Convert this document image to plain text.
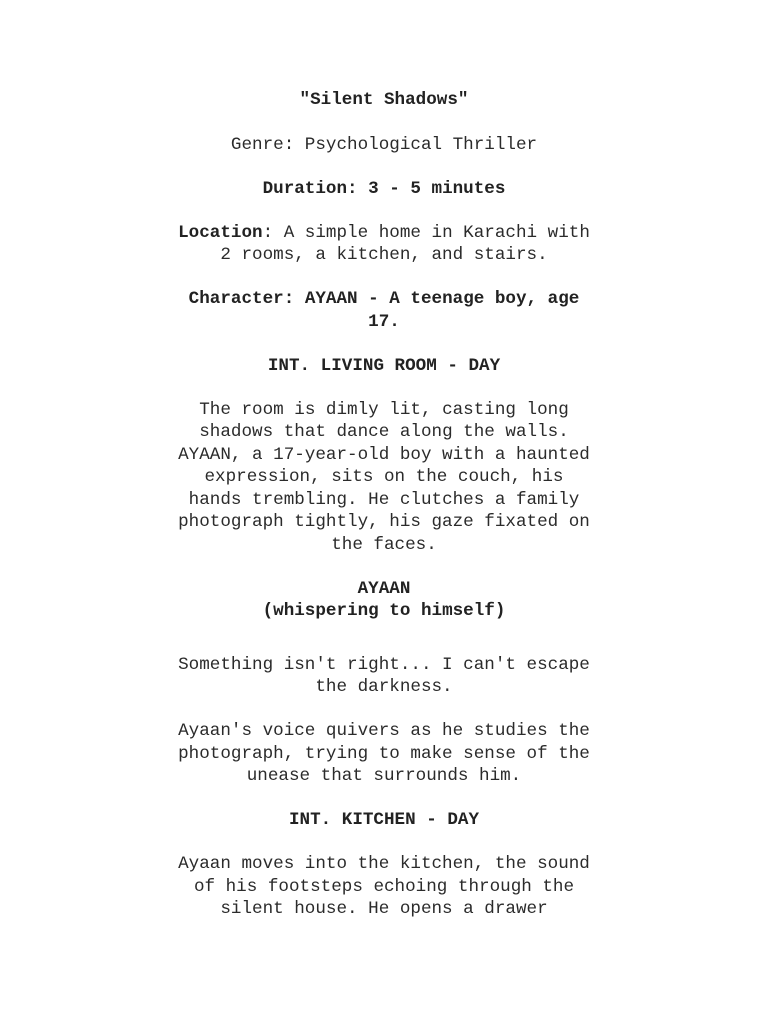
"Silent Shadows"
Genre: Psychological Thriller
Duration: 3 - 5 minutes
Location: A simple home in Karachi with 2 rooms, a kitchen, and stairs.
Character: AYAAN - A teenage boy, age 17.
INT. LIVING ROOM - DAY
The room is dimly lit, casting long shadows that dance along the walls. AYAAN, a 17-year-old boy with a haunted expression, sits on the couch, his hands trembling. He clutches a family photograph tightly, his gaze fixated on the faces.
AYAAN
(whispering to himself)
Something isn't right... I can't escape the darkness.
Ayaan's voice quivers as he studies the photograph, trying to make sense of the unease that surrounds him.
INT. KITCHEN - DAY
Ayaan moves into the kitchen, the sound of his footsteps echoing through the silent house. He opens a drawer
